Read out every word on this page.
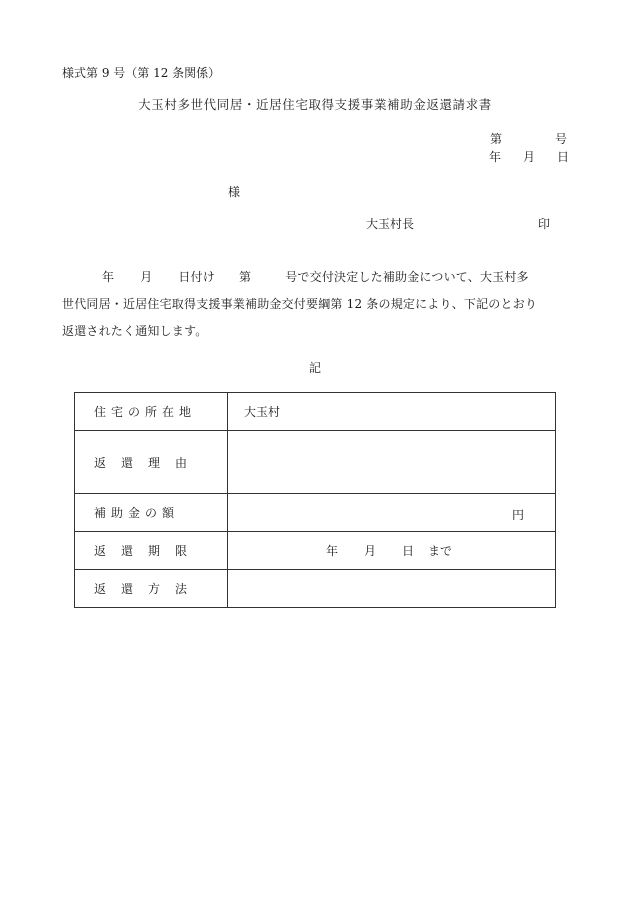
様式第 9 号（第 12 条関係）
大玉村多世代同居・近居住宅取得支援事業補助金返還請求書
第	号
年 月 日
様
大玉村長	印
年 月 日付け 第	号で交付決定した補助金について、大玉村多
世代同居・近居住宅取得支援事業補助金交付要綱第 12 条の規定により、下記のとおり
返還されたく通知します。
記
住宅の所在地	大玉村
返還理由	
補助金の額	円

返還期限	年 月 日 まで

返還方法	
